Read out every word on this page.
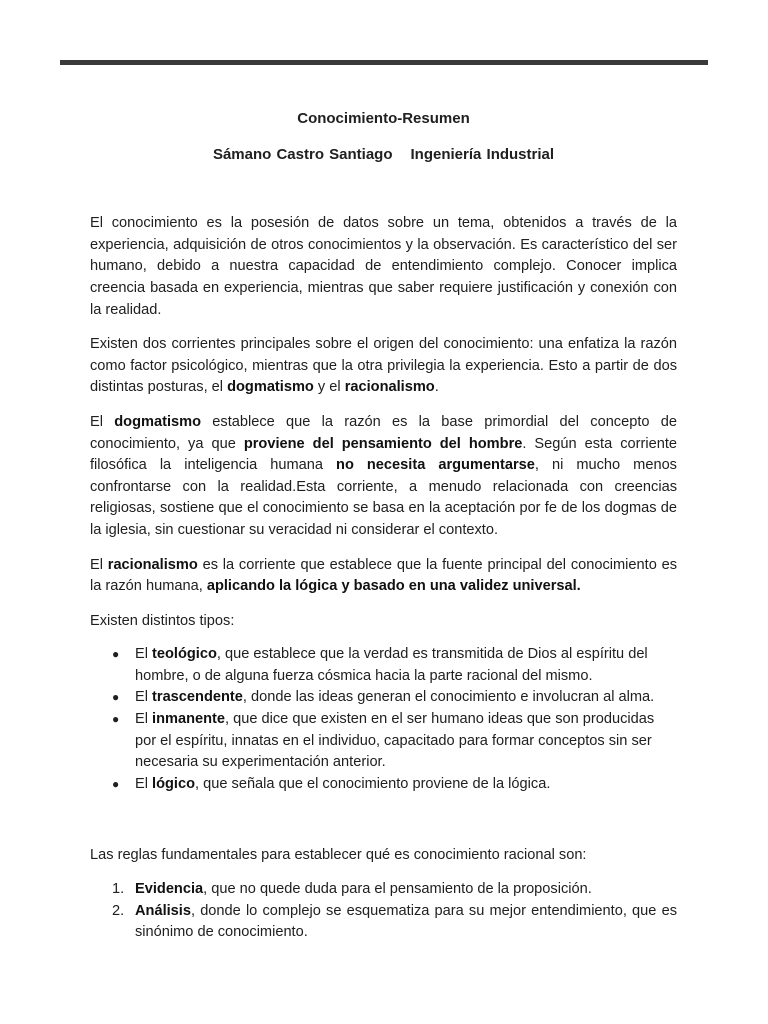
Conocimiento-Resumen
Sámano Castro Santiago Ingeniería Industrial

El conocimiento es la posesión de datos sobre un tema, obtenidos a través de la experiencia, adquisición de otros conocimientos y la observación. Es característico del ser humano, debido a nuestra capacidad de entendimiento complejo. Conocer implica creencia basada en experiencia, mientras que saber requiere justificación y conexión con la realidad.

Existen dos corrientes principales sobre el origen del conocimiento: una enfatiza la razón como factor psicológico, mientras que la otra privilegia la experiencia. Esto a partir de dos distintas posturas, el dogmatismo y el racionalismo.

El dogmatismo establece que la razón es la base primordial del concepto de conocimiento, ya que proviene del pensamiento del hombre. Según esta corriente filosófica la inteligencia humana no necesita argumentarse, ni mucho menos confrontarse con la realidad.Esta corriente, a menudo relacionada con creencias religiosas, sostiene que el conocimiento se basa en la aceptación por fe de los dogmas de la iglesia, sin cuestionar su veracidad ni considerar el contexto.

El racionalismo es la corriente que establece que la fuente principal del conocimiento es la razón humana, aplicando la lógica y basado en una validez universal.

Existen distintos tipos:

● El teológico, que establece que la verdad es transmitida de Dios al espíritu del hombre, o de alguna fuerza cósmica hacia la parte racional del mismo.
● El trascendente, donde las ideas generan el conocimiento e involucran al alma.
● El inmanente, que dice que existen en el ser humano ideas que son producidas por el espíritu, innatas en el individuo, capacitado para formar conceptos sin ser necesaria su experimentación anterior.
● El lógico, que señala que el conocimiento proviene de la lógica.

Las reglas fundamentales para establecer qué es conocimiento racional son:

1. Evidencia, que no quede duda para el pensamiento de la proposición.
2. Análisis, donde lo complejo se esquematiza para su mejor entendimiento, que es sinónimo de conocimiento.
